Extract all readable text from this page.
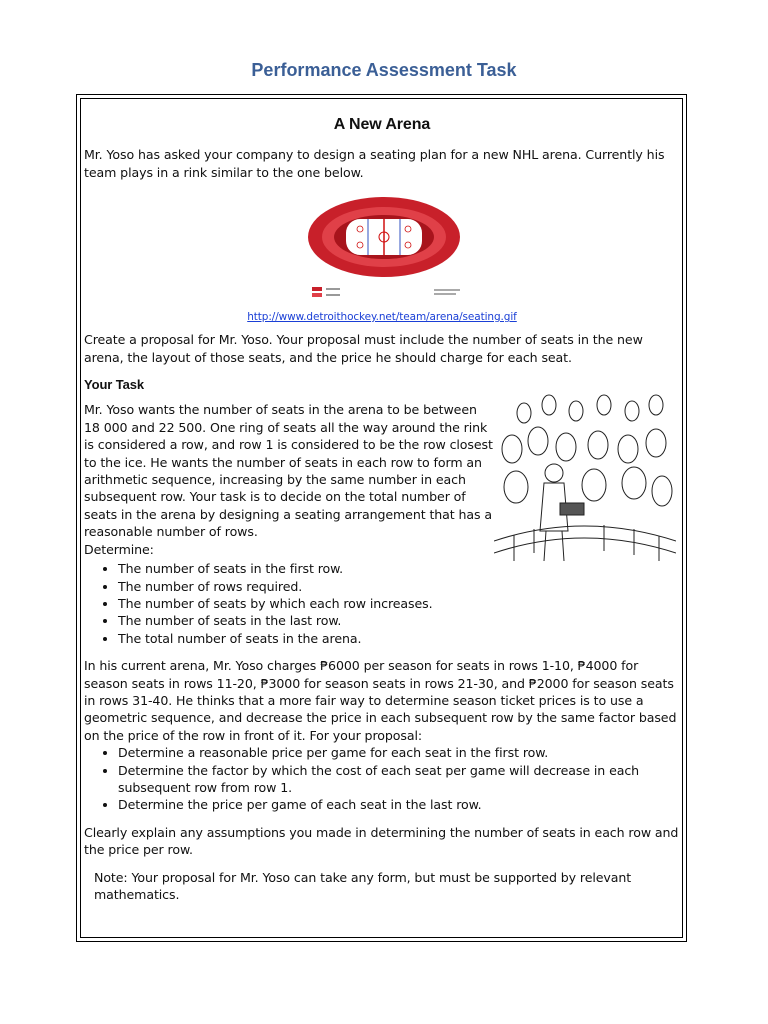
Performance Assessment Task

A New Arena

Mr. Yoso has asked your company to design a seating plan for a new NHL arena. Currently his team plays in a rink similar to the one below.

http://www.detroithockey.net/team/arena/seating.gif

Create a proposal for Mr. Yoso. Your proposal must include the number of seats in the new arena, the layout of those seats, and the price he should charge for each seat.

Your Task

Mr. Yoso wants the number of seats in the arena to be between 18 000 and 22 500. One ring of seats all the way around the rink is considered a row, and row 1 is considered to be the row closest to the ice. He wants the number of seats in each row to form an arithmetic sequence, increasing by the same number in each subsequent row. Your task is to decide on the total number of seats in the arena by designing a seating arrangement that has a reasonable number of rows.

Determine:

• The number of seats in the first row.
• The number of rows required.
• The number of seats by which each row increases.
• The number of seats in the last row.
• The total number of seats in the arena.

In his current arena, Mr. Yoso charges ₱6000 per season for seats in rows 1-10, ₱4000 for season seats in rows 11-20, ₱3000 for season seats in rows 21-30, and ₱2000 for season seats in rows 31-40. He thinks that a more fair way to determine season ticket prices is to use a geometric sequence, and decrease the price in each subsequent row by the same factor based on the price of the row in front of it. For your proposal:

• Determine a reasonable price per game for each seat in the first row.
• Determine the factor by which the cost of each seat per game will decrease in each subsequent row from row 1.
• Determine the price per game of each seat in the last row.

Clearly explain any assumptions you made in determining the number of seats in each row and the price per row.

Note: Your proposal for Mr. Yoso can take any form, but must be supported by relevant mathematics.
